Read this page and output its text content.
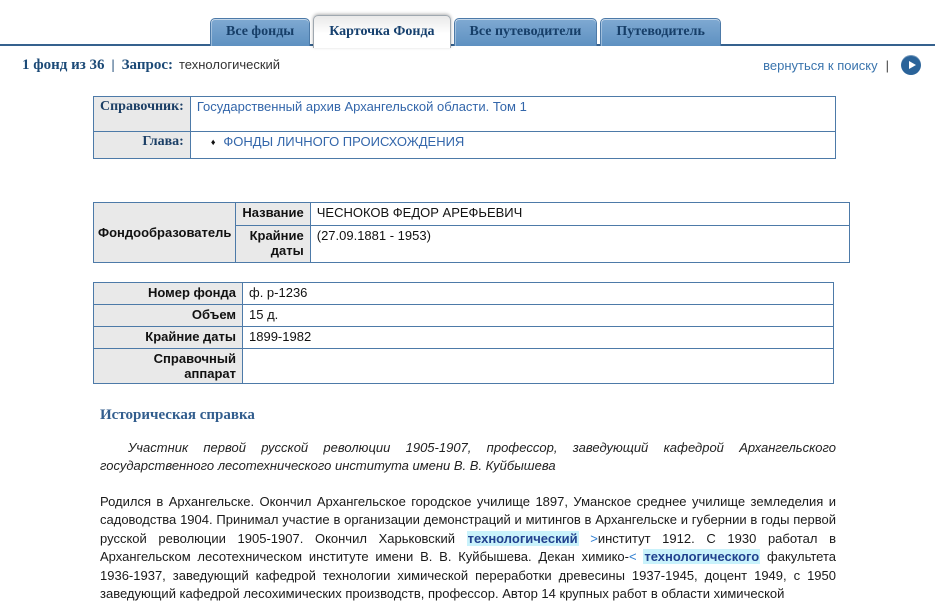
Все фонды	Карточка Фонда	Все путеводители	Путеводитель
1 фонд из 36 | Запрос: технологический	вернуться к поиску |
Справочник:	Государственный архив Архангельской области. Том 1
Глава:	♦ ФОНДЫ ЛИЧНОГО ПРОИСХОЖДЕНИЯ
Фондообразователь	Название	ЧЕСНОКОВ ФЕДОР АРЕФЬЕВИЧ
	Крайние даты	(27.09.1881 - 1953)
Номер фонда	ф. р-1236
Объем	15 д.
Крайние даты	1899-1982
Справочный аппарат	
Историческая справка

Участник первой русской революции 1905-1907, профессор, заведующий кафедрой Архангельского государственного лесотехнического института имени В. В. Куйбышева

Родился в Архангельске. Окончил Архангельское городское училище 1897, Уманское среднее училище земледелия и садоводства 1904. Принимал участие в организации демонстраций и митингов в Архангельске и губернии в годы первой русской революции 1905-1907. Окончил Харьковский технологический >институт 1912. С 1930 работал в Архангельском лесотехническом институте имени В. В. Куйбышева. Декан химико-< технологического факультета 1936-1937, заведующий кафедрой технологии химической переработки древесины 1937-1945, доцент 1949, с 1950 заведующий кафедрой лесохимических производств, профессор. Автор 14 крупных работ в области химической
